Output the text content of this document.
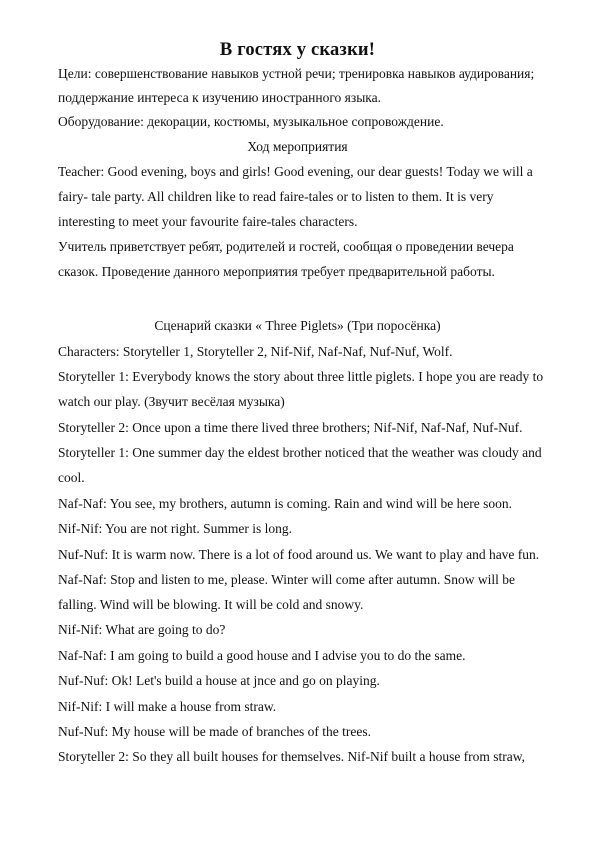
В гостях у сказки!
Цели: совершенствование навыков устной речи; тренировка навыков аудирования;
поддержание интереса к изучению иностранного языка.
Оборудование: декорации, костюмы, музыкальное сопровождение.
Ход мероприятия
Teacher: Good evening, boys and girls! Good evening, our dear guests! Today we will a
fairy- tale party. All children like to read faire-tales or to listen to them. It is very
interesting to meet your favourite faire-tales characters.
Учитель приветствует ребят, родителей и гостей, сообщая о проведении вечера
сказок. Проведение данного мероприятия требует предварительной работы.
Сценарий сказки « Three Piglets» (Три поросёнка)
Characters: Storyteller 1, Storyteller 2, Nif-Nif, Naf-Naf, Nuf-Nuf, Wolf.
Storyteller 1: Everybody knows the story about three little piglets. I hope you are ready to
watch our play. (Звучит весёлая музыка)
Storyteller 2: Once upon a time there lived three brothers; Nif-Nif, Naf-Naf, Nuf-Nuf.
Storyteller 1: One summer day the eldest brother noticed that the weather was cloudy and
cool.
Naf-Naf: You see, my brothers, autumn is coming. Rain and wind will be here soon.
Nif-Nif: You are not right. Summer is long.
Nuf-Nuf: It is warm now. There is a lot of food around us. We want to play and have fun.
Naf-Naf: Stop and listen to me, please. Winter will come after autumn. Snow will be
falling. Wind will be blowing. It will be cold and snowy.
Nif-Nif: What are going to do?
Naf-Naf: I am going to build a good house and I advise you to do the same.
Nuf-Nuf: Ok! Let's build a house at jnce and go on playing.
Nif-Nif: I will make a house from straw.
Nuf-Nuf: My house will be made of branches of the trees.
Storyteller 2: So they all built houses for themselves. Nif-Nif built a house from straw,
